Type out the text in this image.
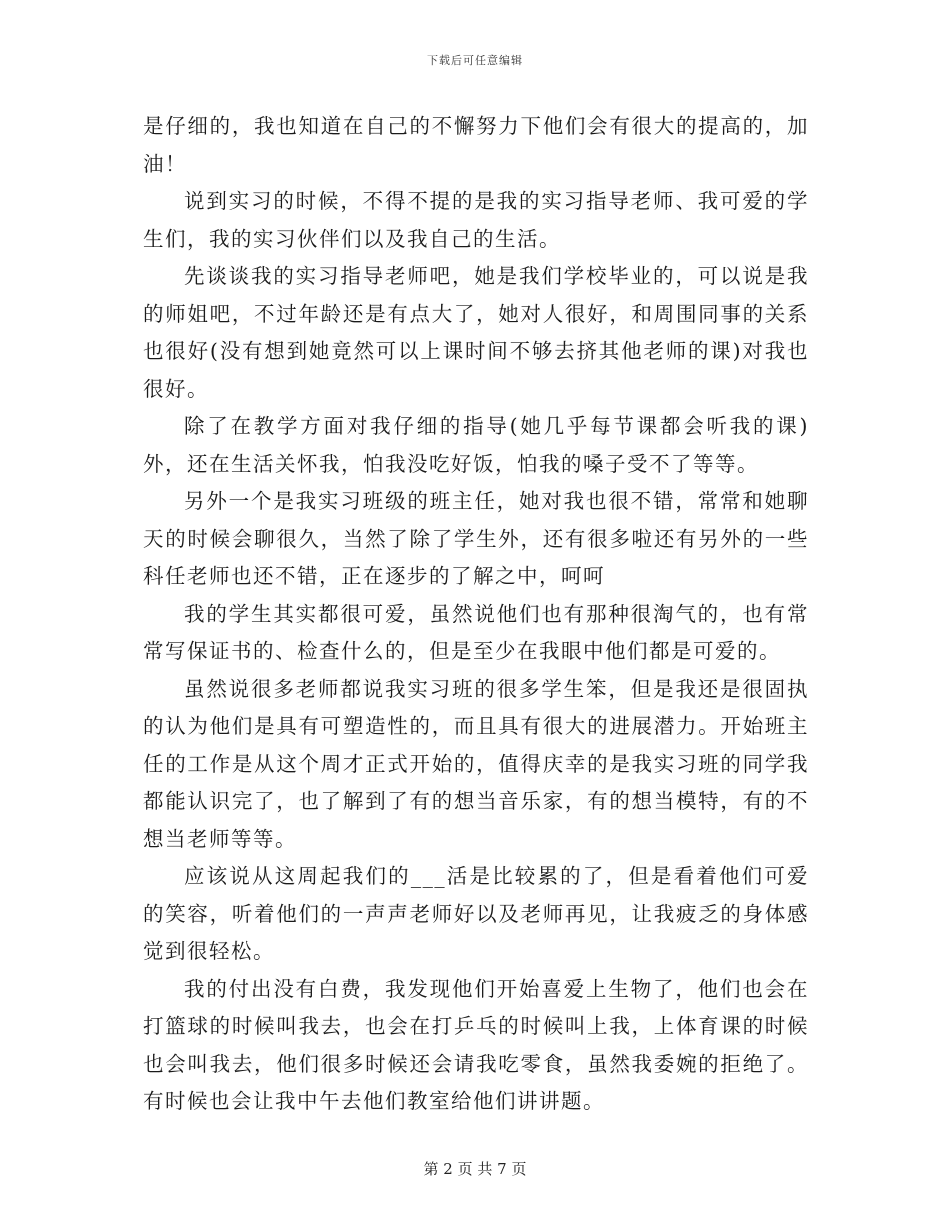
下载后可任意编辑

是仔细的，我也知道在自己的不懈努力下他们会有很大的提高的，加油！

说到实习的时候，不得不提的是我的实习指导老师、我可爱的学生们，我的实习伙伴们以及我自己的生活。

先谈谈我的实习指导老师吧，她是我们学校毕业的，可以说是我的师姐吧，不过年龄还是有点大了，她对人很好，和周围同事的关系也很好(没有想到她竟然可以上课时间不够去挤其他老师的课)对我也很好。

除了在教学方面对我仔细的指导(她几乎每节课都会听我的课)外，还在生活关怀我，怕我没吃好饭，怕我的嗓子受不了等等。

另外一个是我实习班级的班主任，她对我也很不错，常常和她聊天的时候会聊很久，当然了除了学生外，还有很多啦还有另外的一些科任老师也还不错，正在逐步的了解之中，呵呵

我的学生其实都很可爱，虽然说他们也有那种很淘气的，也有常常写保证书的、检查什么的，但是至少在我眼中他们都是可爱的。

虽然说很多老师都说我实习班的很多学生笨，但是我还是很固执的认为他们是具有可塑造性的，而且具有很大的进展潜力。开始班主任的工作是从这个周才正式开始的，值得庆幸的是我实习班的同学我都能认识完了，也了解到了有的想当音乐家，有的想当模特，有的不想当老师等等。

应该说从这周起我们的___活是比较累的了，但是看着他们可爱的笑容，听着他们的一声声老师好以及老师再见，让我疲乏的身体感觉到很轻松。

我的付出没有白费，我发现他们开始喜爱上生物了，他们也会在打篮球的时候叫我去，也会在打乒乓的时候叫上我，上体育课的时候也会叫我去，他们很多时候还会请我吃零食，虽然我委婉的拒绝了。有时候也会让我中午去他们教室给他们讲讲题。

第 2 页 共 7 页
